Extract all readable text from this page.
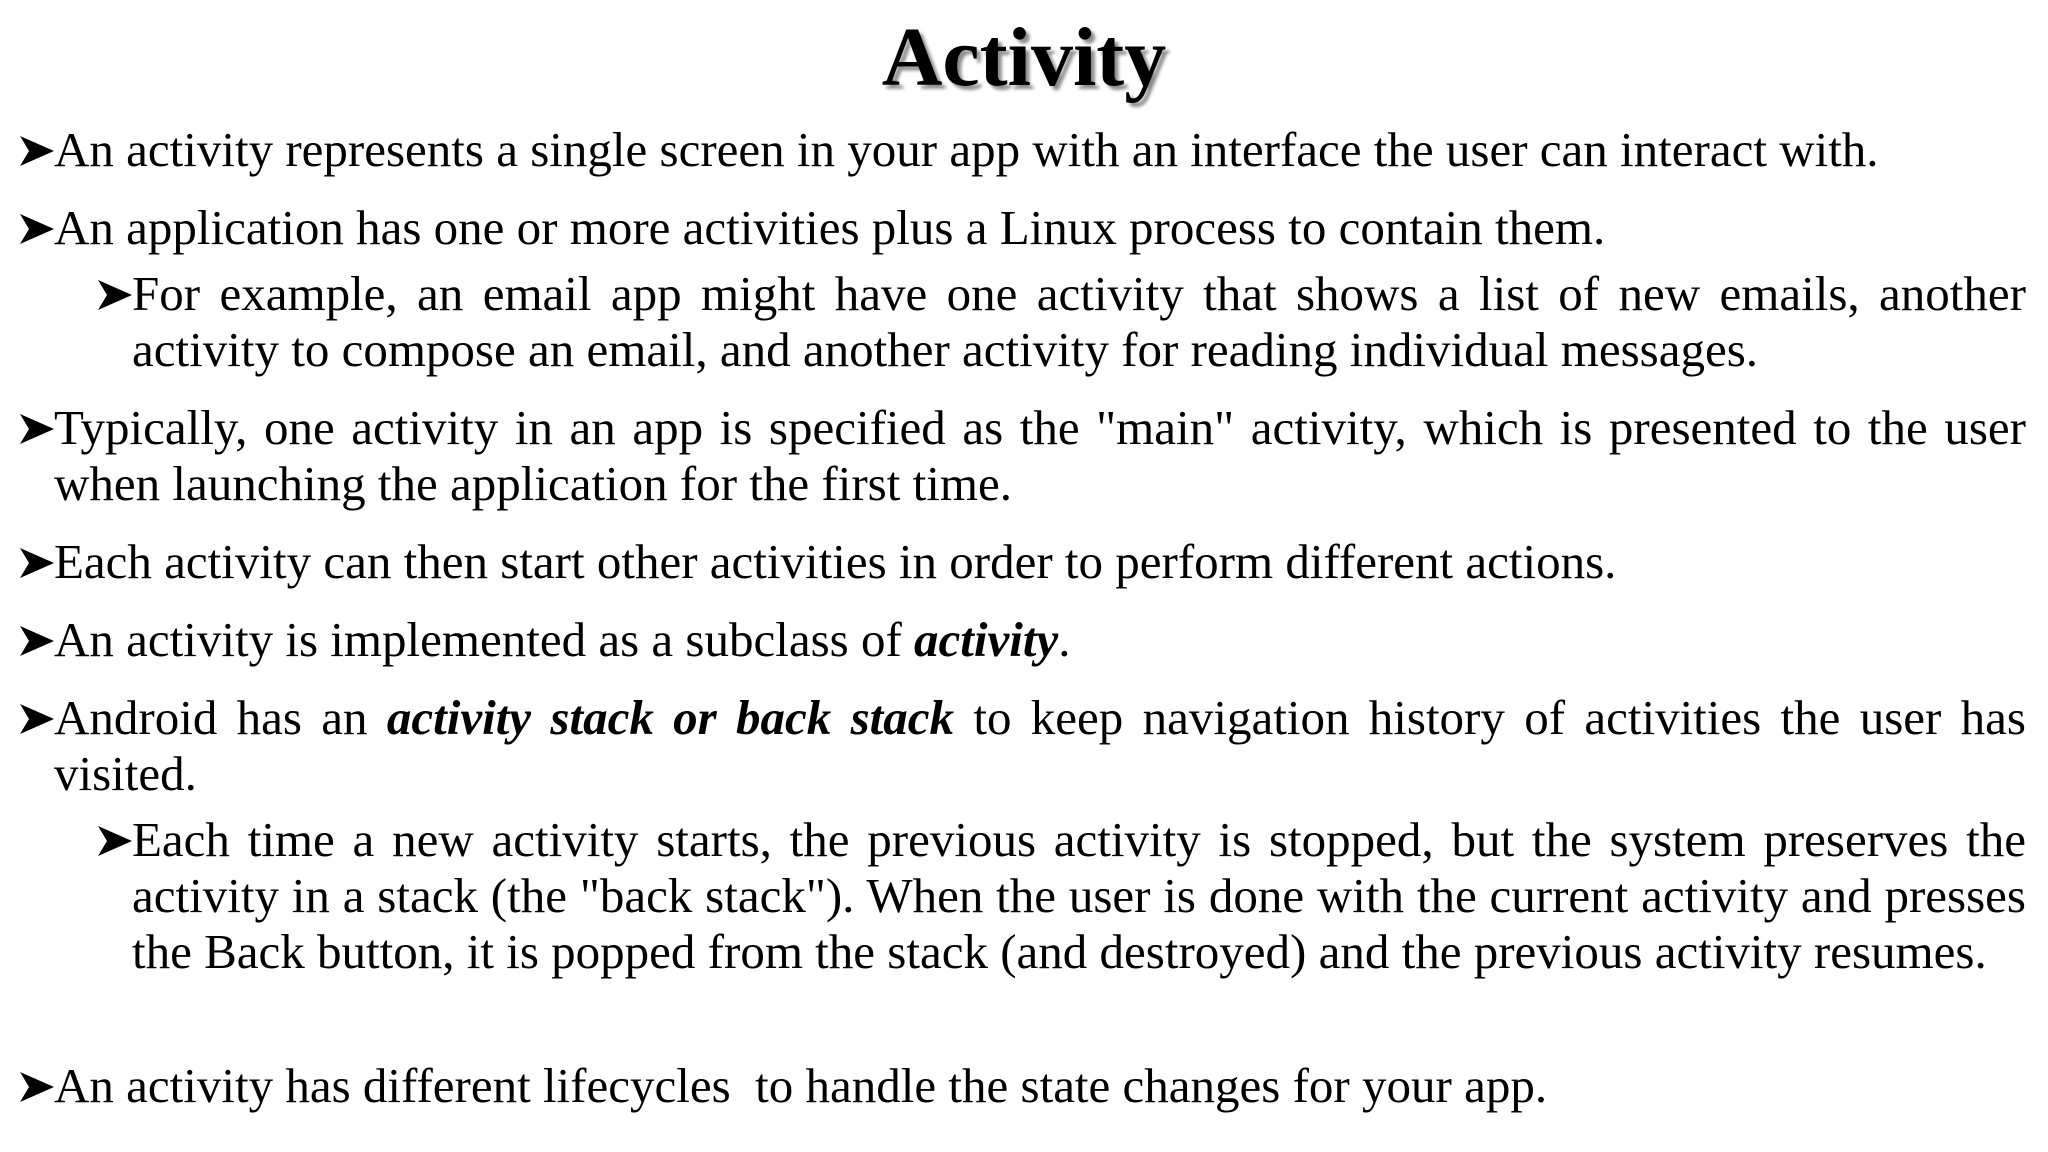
Activity
An activity represents a single screen in your app with an interface the user can interact with.
An application has one or more activities plus a Linux process to contain them.
For example, an email app might have one activity that shows a list of new emails, another activity to compose an email, and another activity for reading individual messages.
Typically, one activity in an app is specified as the "main" activity, which is presented to the user when launching the application for the first time.
Each activity can then start other activities in order to perform different actions.
An activity is implemented as a subclass of activity.
Android has an activity stack or back stack to keep navigation history of activities the user has visited.
Each time a new activity starts, the previous activity is stopped, but the system preserves the activity in a stack (the "back stack"). When the user is done with the current activity and presses the Back button, it is popped from the stack (and destroyed) and the previous activity resumes.
An activity has different lifecycles  to handle the state changes for your app.
